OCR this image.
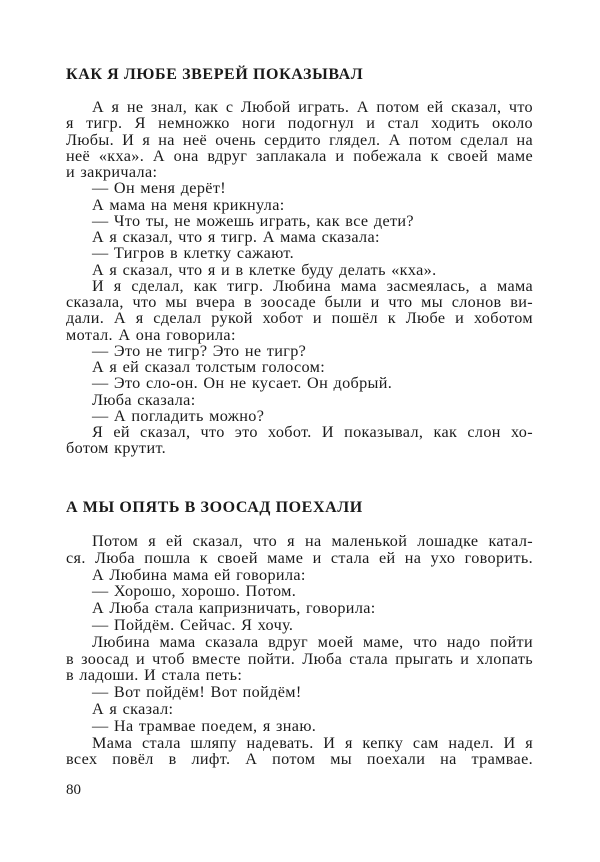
КАК Я ЛЮБЕ ЗВЕРЕЙ ПОКАЗЫВАЛ
А я не знал, как с Любой играть. А потом ей сказал, что
я тигр. Я немножко ноги подогнул и стал ходить около
Любы. И я на неё очень сердито глядел. А потом сделал на
неё «кха». А она вдруг заплакала и побежала к своей маме
и закричала:
— Он меня дерёт!
А мама на меня крикнула:
— Что ты, не можешь играть, как все дети?
А я сказал, что я тигр. А мама сказала:
— Тигров в клетку сажают.
А я сказал, что я и в клетке буду делать «кха».
И я сделал, как тигр. Любина мама засмеялась, а мама
сказала, что мы вчера в зоосаде были и что мы слонов ви-
дали. А я сделал рукой хобот и пошёл к Любе и хоботом
мотал. А она говорила:
— Это не тигр? Это не тигр?
А я ей сказал толстым голосом:
— Это сло-он. Он не кусает. Он добрый.
Люба сказала:
— А погладить можно?
Я ей сказал, что это хобот. И показывал, как слон хо-
ботом крутит.
А МЫ ОПЯТЬ В ЗООСАД ПОЕХАЛИ
Потом я ей сказал, что я на маленькой лошадке катал-
ся. Люба пошла к своей маме и стала ей на ухо говорить.
А Любина мама ей говорила:
— Хорошо, хорошо. Потом.
А Люба стала капризничать, говорила:
— Пойдём. Сейчас. Я хочу.
Любина мама сказала вдруг моей маме, что надо пойти
в зоосад и чтоб вместе пойти. Люба стала прыгать и хлопать
в ладоши. И стала петь:
— Вот пойдём! Вот пойдём!
А я сказал:
— На трамвае поедем, я знаю.
Мама стала шляпу надевать. И я кепку сам надел. И я
всех повёл в лифт. А потом мы поехали на трамвае.
80
